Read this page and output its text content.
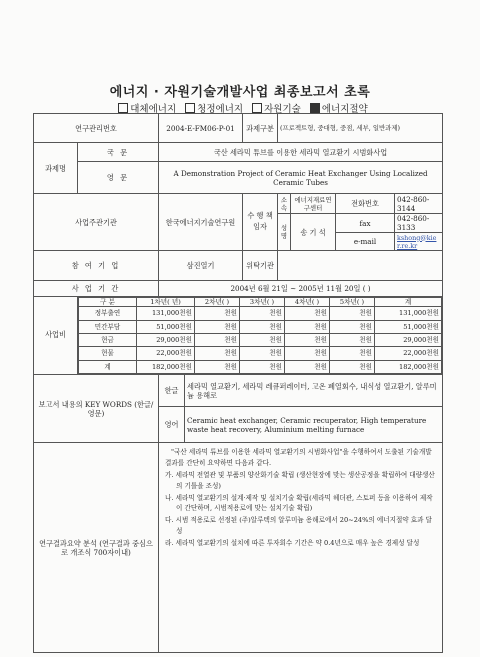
에너지 · 자원기술개발사업 최종보고서 초록
대체에너지 청정에너지 자원기술 에너지절약
연구관리번호	2004-E-FM06-P-01	과제구분	(프로젝트형, 중대형, 중점, 세부, 일반과제)
과제명	국 문	국산 세라믹 튜브를 이용한 세라믹 열교환기 시범화사업
영 문	A Demonstration Project of Ceramic Heat Exchanger Using Localized Ceramic Tubes
사업주관기관	한국에너지기술연구원	수 행 책임자	소속	에너지재료연구센터	전화번호	042-860-3144
성명	송 기 석	fax	042-860-3133
e-mail	kshong@kier.re.kr
참 여 기 업	삼진열기	위탁기관	
사 업 기 간	2004년 6월 21일 ~ 2005년 11월 20일 ( )
사업비	
구 분	1차년( 년)	2차년( )	3차년( )	4차년( )	5차년( )	계
정부출연	131,000천원	천원	천원	천원	천원	131,000천원
민간부담	51,000천원	천원	천원	천원	천원	51,000천원
현금	29,000천원	천원	천원	천원	천원	29,000천원
현물	22,000천원	천원	천원	천원	천원	22,000천원
계	182,000천원	천원	천원	천원	천원	182,000천원

보고서 내용의 KEY WORDS (한글/영문)	한글	세라믹 열교환기, 세라믹 레큐퍼레이터, 고온 폐열회수, 내식성 열교환기, 알루미늄 용해로
영어	Ceramic heat exchanger, Ceramic recuperator, High temperature waste heat recovery, Aluminium melting furnace
연구결과요약 분석 (연구결과 중심으로 개조식 700자이내)	
"국산 세라믹 튜브를 이용한 세라믹 열교환기의 시범화사업"을 수행하여서 도출된 기술개발 결과를 간단히 요약하면 다음과 같다.
가. 세라믹 전열관 및 부품의 양산화기술 확립 (생산현장에 맞는 생산공정을 확립하여 대량생산의 기틀을 조성)
나. 세라믹 열교환기의 설계·제작 및 설치기술 확립(세라믹 헤더관, 스토퍼 등을 이용하여 제작이 간단하며, 시범적용로에 맞는 설치기술 확립)
다. 시범 적용로로 선정된 (주)알루텍의 알루미늄 용해로에서 20~24%의 에너지절약 효과 달성
라. 세라믹 열교환기의 설치에 따른 투자회수 기간은 약 0.4년으로 매우 높은 경제성 달성
